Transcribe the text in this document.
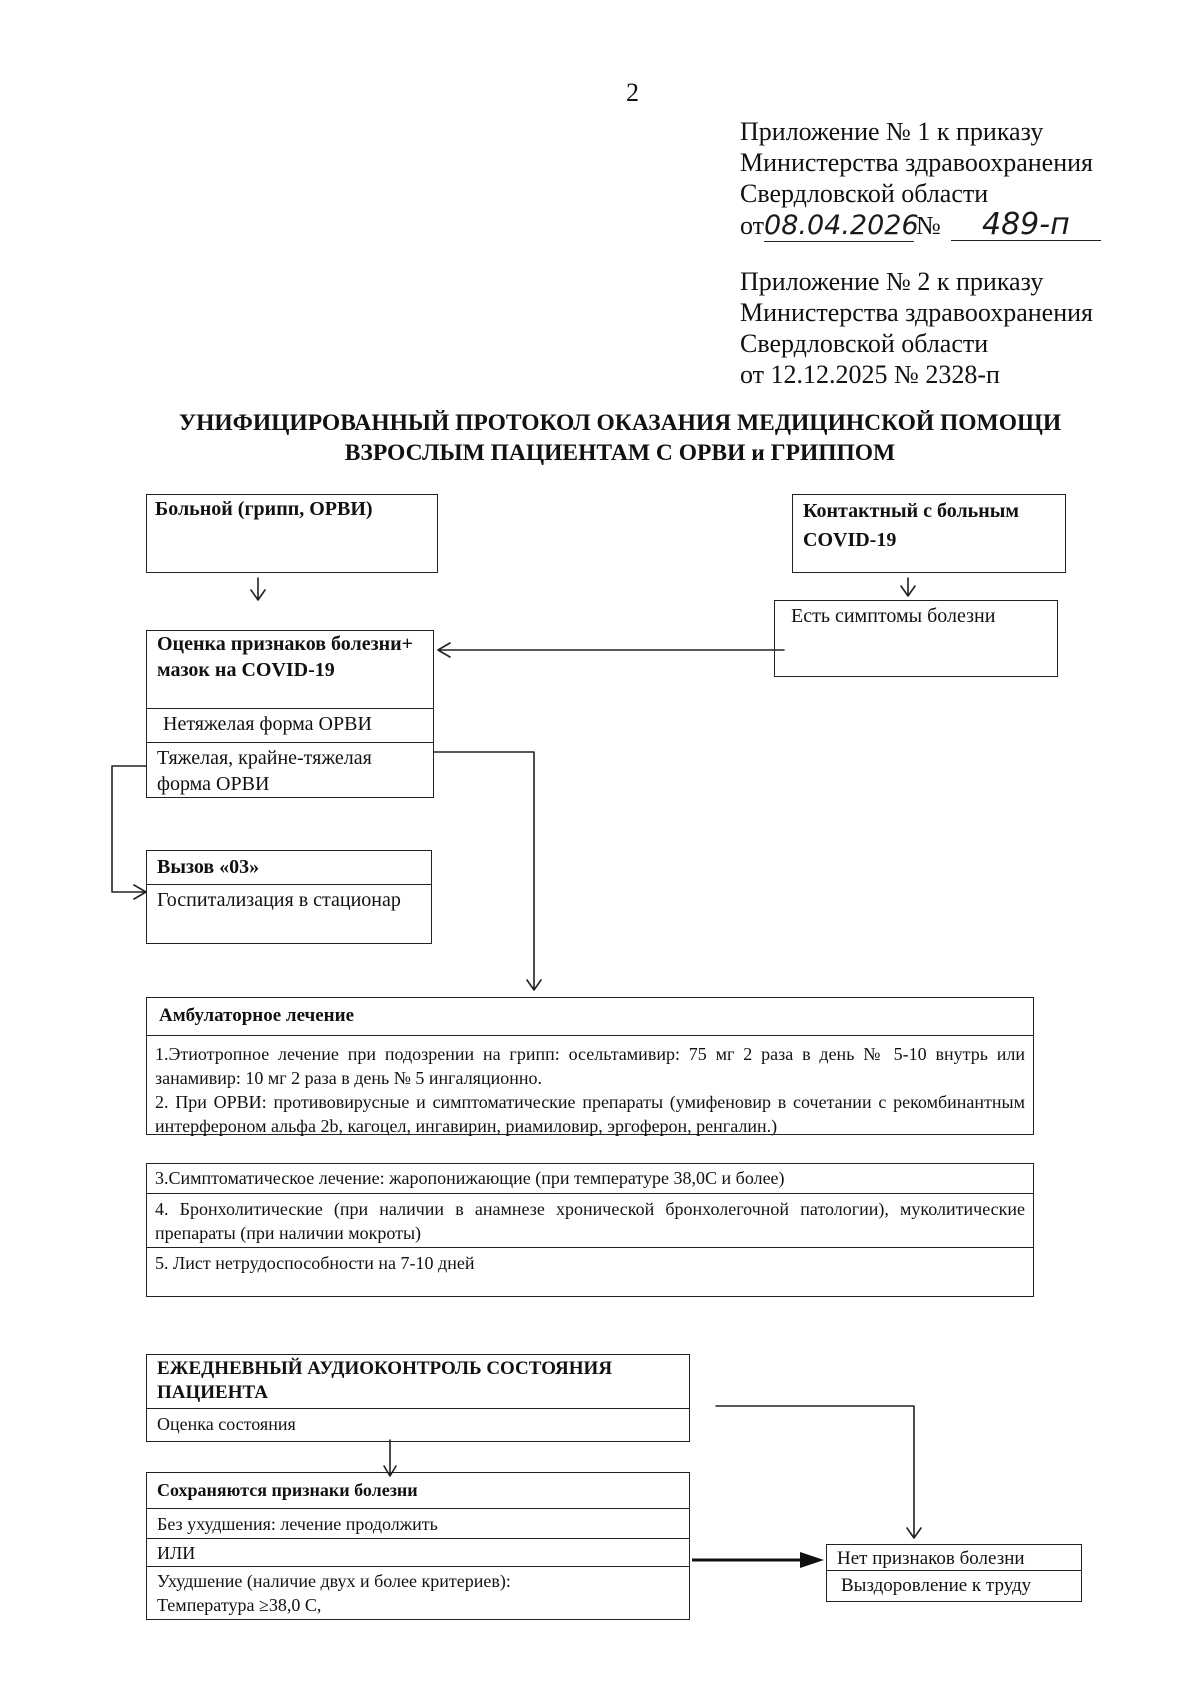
2
Приложение № 1 к приказу
Министерства здравоохранения
Свердловской области
от08.04.2026№ 489-п
Приложение № 2 к приказу
Министерства здравоохранения
Свердловской области
от 12.12.2025 № 2328-п
УНИФИЦИРОВАННЫЙ ПРОТОКОЛ ОКАЗАНИЯ МЕДИЦИНСКОЙ ПОМОЩИ
ВЗРОСЛЫМ ПАЦИЕНТАМ С ОРВИ и ГРИППОМ
Больной (грипп, ОРВИ)	Контактный с больным COVID-19
Есть симптомы болезни
Оценка признаков болезни+ мазок на COVID-19
Нетяжелая форма ОРВИ
Тяжелая, крайне-тяжелая форма ОРВИ
Вызов «03»
Госпитализация в стационар
Амбулаторное лечение
1.Этиотропное лечение при подозрении на грипп: осельтамивир: 75 мг 2 раза в день № 5-10 внутрь или занамивир: 10 мг 2 раза в день № 5 ингаляционно.
2. При ОРВИ: противовирусные и симптоматические препараты (умифеновир в сочетании с рекомбинантным интерфероном альфа 2b, кагоцел, ингавирин, риамиловир, эргоферон, ренгалин.)
3.Симптоматическое лечение: жаропонижающие (при температуре 38,0С и более)
4. Бронхолитические (при наличии в анамнезе хронической бронхолегочной патологии), муколитические препараты (при наличии мокроты)
5. Лист нетрудоспособности на 7-10 дней
ЕЖЕДНЕВНЫЙ АУДИОКОНТРОЛЬ СОСТОЯНИЯ ПАЦИЕНТА
Оценка состояния
Сохраняются признаки болезни
Без ухудшения: лечение продолжить
ИЛИ
Ухудшение (наличие двух и более критериев):
Температура ≥38,0 С,
Нет признаков болезни
Выздоровление к труду
